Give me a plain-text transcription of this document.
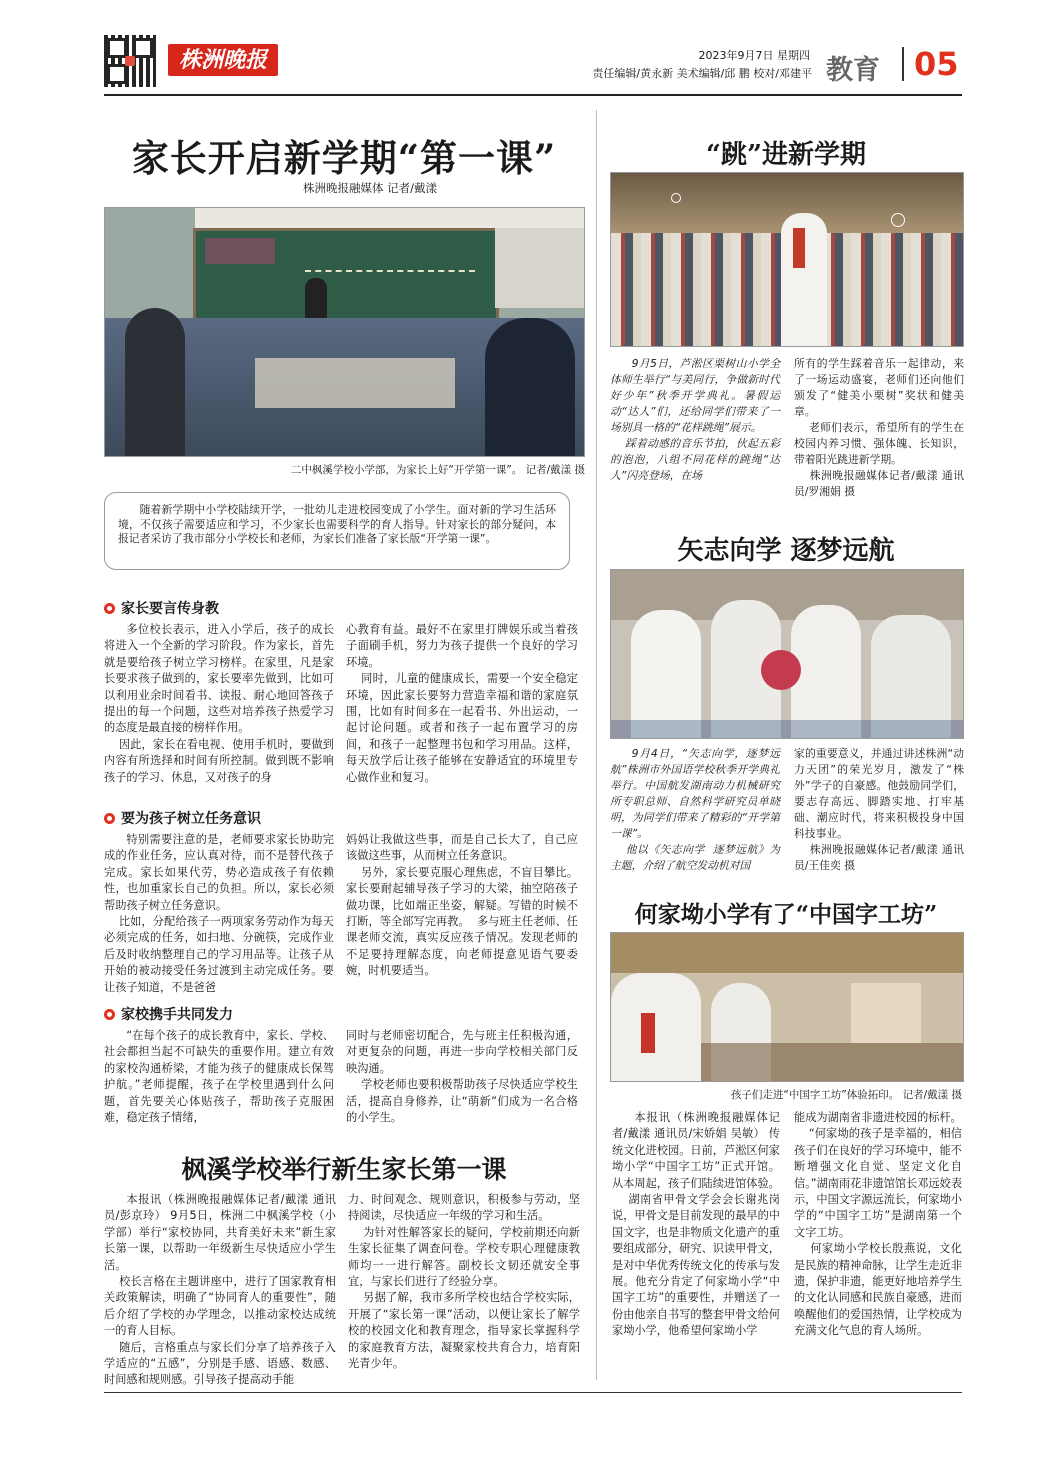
株洲晚报	2023年9月7日 星期四
责任编辑/黄永新 美术编辑/邱 鹏 校对/邓建平 教育 05
家长开启新学期“第一课”
株洲晚报融媒体 记者/戴漾
二中枫溪学校小学部，为家长上好“开学第一课”。 记者/戴漾 摄

随着新学期中小学校陆续开学，一批幼儿走进校园变成了小学生。面对新的学习生活环境，不仅孩子需要适应和学习，不少家长也需要科学的育人指导。针对家长的部分疑问，本报记者采访了我市部分小学校长和老师，为家长们准备了家长版“开学第一课”。

家长要言传身教

多位校长表示，进入小学后，孩子的成长将进入一个全新的学习阶段。作为家长，首先就是要给孩子树立学习榜样。在家里，凡是家长要求孩子做到的，家长要率先做到，比如可以利用业余时间看书、读报、耐心地回答孩子提出的每一个问题，这些对培养孩子热爱学习的态度是最直接的榜样作用。
因此，家长在看电视、使用手机时，要做到内容有所选择和时间有所控制。做到既不影响孩子的学习、休息，又对孩子的身

心教育有益。最好不在家里打牌娱乐或当着孩子面刷手机，努力为孩子提供一个良好的学习环境。
同时，儿童的健康成长，需要一个安全稳定环境，因此家长要努力营造幸福和谐的家庭氛围，比如有时间多在一起看书、外出运动，一起讨论问题。或者和孩子一起布置学习的房间，和孩子一起整理书包和学习用品。这样，每天放学后让孩子能够在安静适宜的环境里专心做作业和复习。

要为孩子树立任务意识

特别需要注意的是，老师要求家长协助完成的作业任务，应认真对待，而不是替代孩子完成。家长如果代劳，势必造成孩子有依赖性，也加重家长自己的负担。所以，家长必须帮助孩子树立任务意识。
比如，分配给孩子一两项家务劳动作为每天必须完成的任务，如扫地、分碗筷，完成作业后及时收纳整理自己的学习用品等。让孩子从开始的被动接受任务过渡到主动完成任务。要让孩子知道，不是爸爸

妈妈让我做这些事，而是自己长大了，自己应该做这些事，从而树立任务意识。
另外，家长要克服心理焦虑，不盲目攀比。家长要耐起辅导孩子学习的大梁，抽空陪孩子做功课，比如端正坐姿，解疑。写错的时候不打断，等全部写完再教。  多与班主任老师、任课老师交流，真实反应孩子情况。发现老师的不足要持理解态度，向老师提意见语气要委婉，时机要适当。

家校携手共同发力

“在每个孩子的成长教育中，家长、学校、社会都担当起不可缺失的重要作用。建立有效的家校沟通桥梁，才能为孩子的健康成长保驾护航。”老师提醒，孩子在学校里遇到什么问题，首先要关心体贴孩子，帮助孩子克服困难，稳定孩子情绪，

同时与老师密切配合，先与班主任积极沟通，对更复杂的问题，再进一步向学校相关部门反映沟通。
学校老师也要积极帮助孩子尽快适应学校生活，提高自身修养，让“萌新”们成为一名合格的小学生。

枫溪学校举行新生家长第一课

本报讯（株洲晚报融媒体记者/戴漾 通讯员/彭京玲） 9月5日，株洲二中枫溪学校（小学部）举行“家校协同，共育美好未来”新生家长第一课，以帮助一年级新生尽快适应小学生活。
校长言格在主题讲座中，进行了国家教育相关政策解读，明确了“协同育人的重要性”，随后介绍了学校的办学理念，以推动家校达成统一的育人目标。
随后，言格重点与家长们分享了培养孩子入学适应的“五感”，分别是手感、语感、数感、时间感和规则感。引导孩子提高动手能

力、时间观念、规则意识，积极参与劳动，坚持阅读，尽快适应一年级的学习和生活。
为针对性解答家长的疑问，学校前期还向新生家长征集了调查问卷。学校专职心理健康教师均一一进行解答。副校长文韧还就安全事宜，与家长们进行了经验分享。
另据了解，我市多所学校也结合学校实际，开展了“家长第一课”活动，以便让家长了解学校的校园文化和教育理念，指导家长掌握科学的家庭教育方法，凝聚家校共育合力，培育阳光青少年。

“跳”进新学期

9月5日，芦淞区栗树山小学全体师生举行“与美同行，争做新时代好少年”秋季开学典礼。暑假运动“达人”们，还给同学们带来了一场别具一格的“花样跳绳”展示。
踩着动感的音乐节拍，伙起五彩的泡泡，八组不同花样的跳绳“达人”闪亮登场，在场

所有的学生踩着音乐一起律动，来了一场运动盛宴，老师们还向他们颁发了“健美小栗树”奖状和健美章。
老师们表示，希望所有的学生在校园内养习惯、强体魄、长知识，带着阳光跳进新学期。
株洲晚报融媒体记者/戴漾 通讯员/罗湘娟 摄

矢志向学 逐梦远航

9月4日，“矢志向学，逐梦远航”株洲市外国语学校秋季开学典礼举行。中国航发湖南动力机械研究所专职总师、自然科学研究员单晓明，为同学们带来了精彩的“开学第一课”。
他以《矢志向学  逐梦远航》为主题，介绍了航空发动机对国

家的重要意义，并通过讲述株洲“动力天团”的荣光岁月，激发了“株外”学子的自豪感。他鼓励同学们，要志存高远、脚踏实地、打牢基础、潮应时代，将来积极投身中国科技事业。
株洲晚报融媒体记者/戴漾 通讯员/王佳奕 摄

何家坳小学有了“中国字工坊”
孩子们走进“中国字工坊”体验拓印。 记者/戴漾 摄

本报讯（株洲晚报融媒体记者/戴漾 通讯员/宋娇娟 吴敏） 传统文化进校园。日前，芦淞区何家坳小学“中国字工坊”正式开馆。从本周起，孩子们陆续进馆体验。
湖南省甲骨文学会会长谢兆岗说，甲骨文是目前发现的最早的中国文字，也是非物质文化遗产的重要组成部分，研究、识读甲骨文，是对中华优秀传统文化的传承与发展。他充分肯定了何家坳小学“中国字工坊”的重要性，并赠送了一份由他亲自书写的整套甲骨文给何家坳小学，他希望何家坳小学

能成为湖南省非遗进校园的标杆。
“何家坳的孩子是幸福的，相信孩子们在良好的学习环境中，能不断增强文化自觉、坚定文化自信。”湖南雨花非遗馆馆长邓远姣表示，中国文字源远流长，何家坳小学的“中国字工坊”是湖南第一个文字工坊。
何家坳小学校长殷燕说，文化是民族的精神命脉，让学生走近非遗，保护非遗，能更好地培养学生的文化认同感和民族自豪感，进而唤醒他们的爱国热情，让学校成为充满文化气息的育人场所。
